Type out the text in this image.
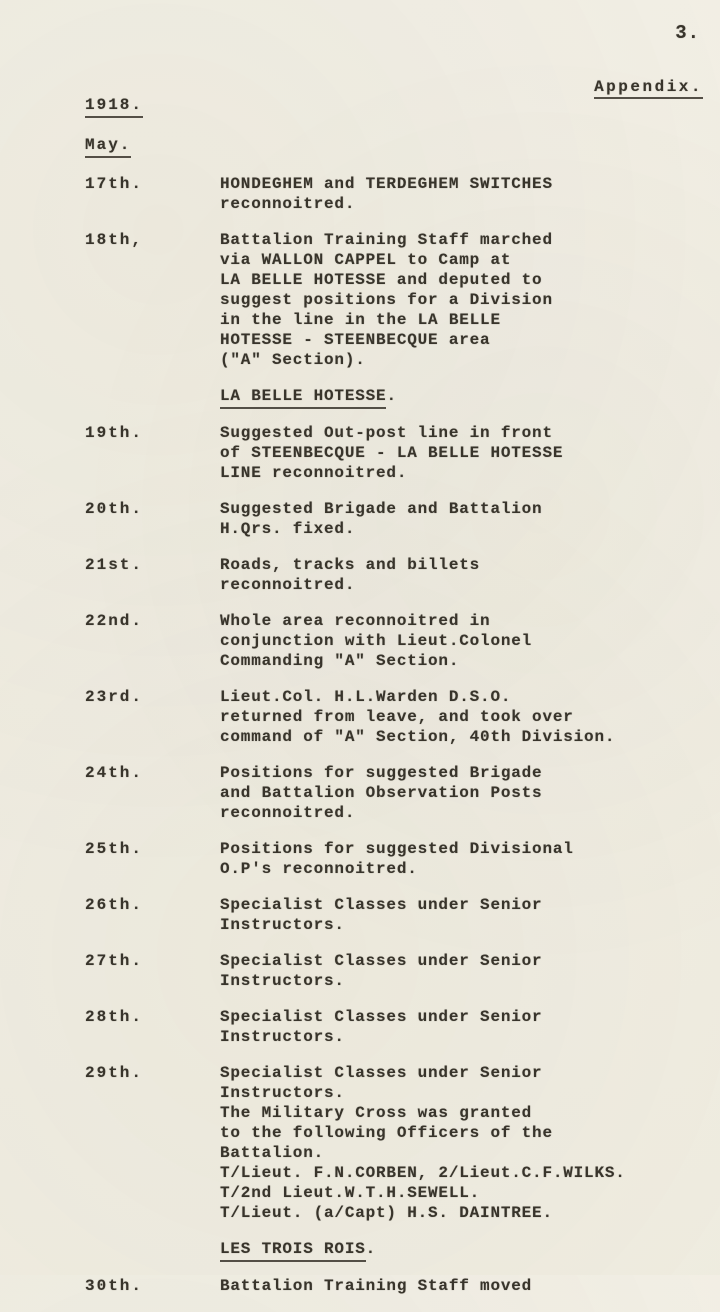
3.
Appendix.
1918.
May.
17th.	HONDEGHEM and TERDEGHEM SWITCHES
reconnoitred.
18th,	Battalion Training Staff marched
via WALLON CAPPEL to Camp at
LA BELLE HOTESSE and deputed to
suggest positions for a Division
in the line in the LA BELLE
HOTESSE - STEENBECQUE area
("A" Section).
LA BELLE HOTESSE.
19th.	Suggested Out-post line in front
of STEENBECQUE - LA BELLE HOTESSE
LINE reconnoitred.
20th.	Suggested Brigade and Battalion
H.Qrs. fixed.
21st.	Roads, tracks and billets
reconnoitred.
22nd.	Whole area reconnoitred in
conjunction with Lieut.Colonel
Commanding "A" Section.
23rd.	Lieut.Col. H.L.Warden D.S.O.
returned from leave, and took over
command of "A" Section, 40th Division.
24th.	Positions for suggested Brigade
and Battalion Observation Posts
reconnoitred.
25th.	Positions for suggested Divisional
O.P's reconnoitred.
26th.	Specialist Classes under Senior
Instructors.
27th.	Specialist Classes under Senior
Instructors.
28th.	Specialist Classes under Senior
Instructors.
29th.	Specialist Classes under Senior
Instructors.
The Military Cross was granted
to the following Officers of the
Battalion.
T/Lieut. F.N.CORBEN, 2/Lieut.C.F.WILKS.
T/2nd Lieut.W.T.H.SEWELL.
T/Lieut. (a/Capt) H.S. DAINTREE.
LES TROIS ROIS.
30th.	Battalion Training Staff moved
